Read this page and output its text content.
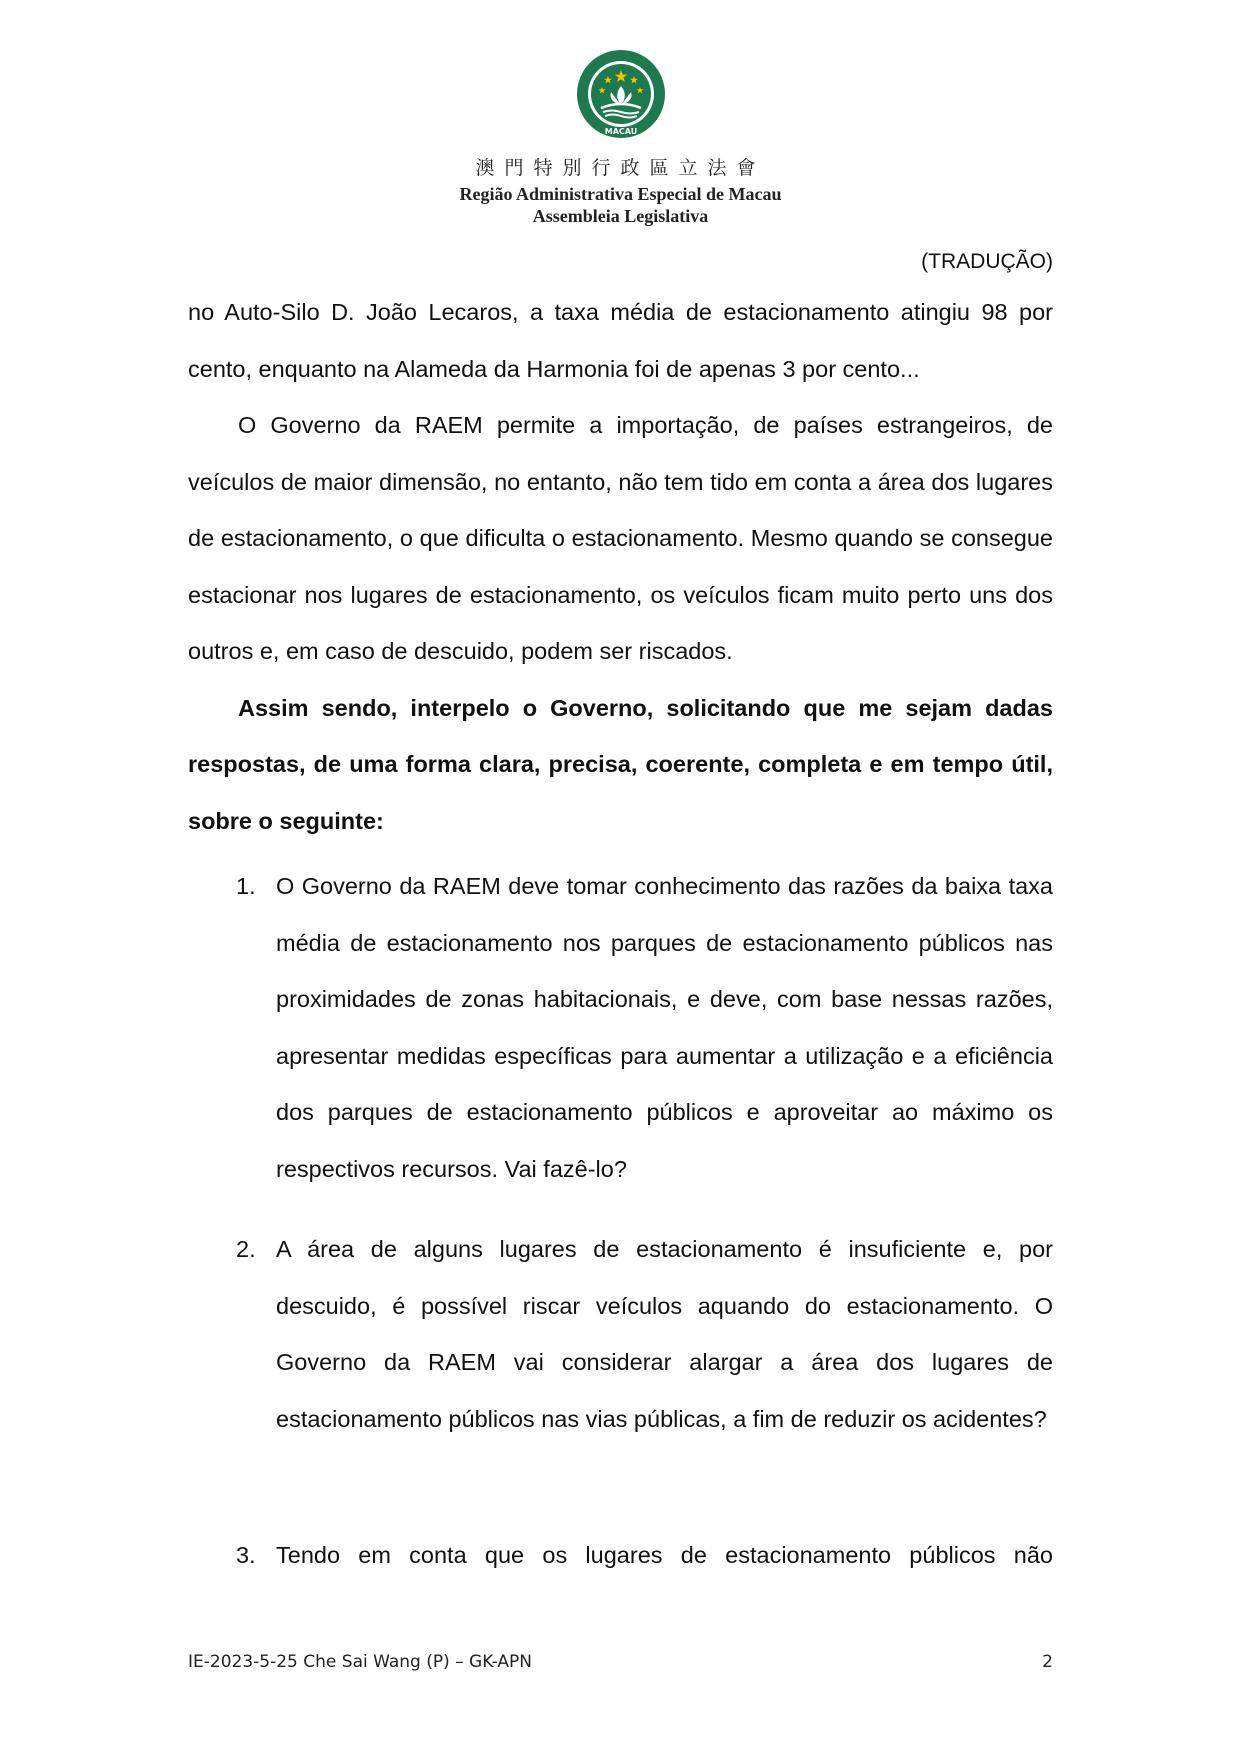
MACAU
澳門特別行政區立法會
Região Administrativa Especial de Macau
Assembleia Legislativa
(TRADUÇÃO)

no Auto-Silo D. João Lecaros, a taxa média de estacionamento atingiu 98 por cento, enquanto na Alameda da Harmonia foi de apenas 3 por cento...

O Governo da RAEM permite a importação, de países estrangeiros, de veículos de maior dimensão, no entanto, não tem tido em conta a área dos lugares de estacionamento, o que dificulta o estacionamento. Mesmo quando se consegue estacionar nos lugares de estacionamento, os veículos ficam muito perto uns dos outros e, em caso de descuido, podem ser riscados.

Assim sendo, interpelo o Governo, solicitando que me sejam dadas respostas, de uma forma clara, precisa, coerente, completa e em tempo útil, sobre o seguinte:

1. O Governo da RAEM deve tomar conhecimento das razões da baixa taxa média de estacionamento nos parques de estacionamento públicos nas proximidades de zonas habitacionais, e deve, com base nessas razões, apresentar medidas específicas para aumentar a utilização e a eficiência dos parques de estacionamento públicos e aproveitar ao máximo os respectivos recursos. Vai fazê-lo?
2. A área de alguns lugares de estacionamento é insuficiente e, por descuido, é possível riscar veículos aquando do estacionamento. O Governo da RAEM vai considerar alargar a área dos lugares de estacionamento públicos nas vias públicas, a fim de reduzir os acidentes?
3. Tendo em conta que os lugares de estacionamento públicos não
IE-2023-5-25 Che Sai Wang (P) – GK-APN	2
